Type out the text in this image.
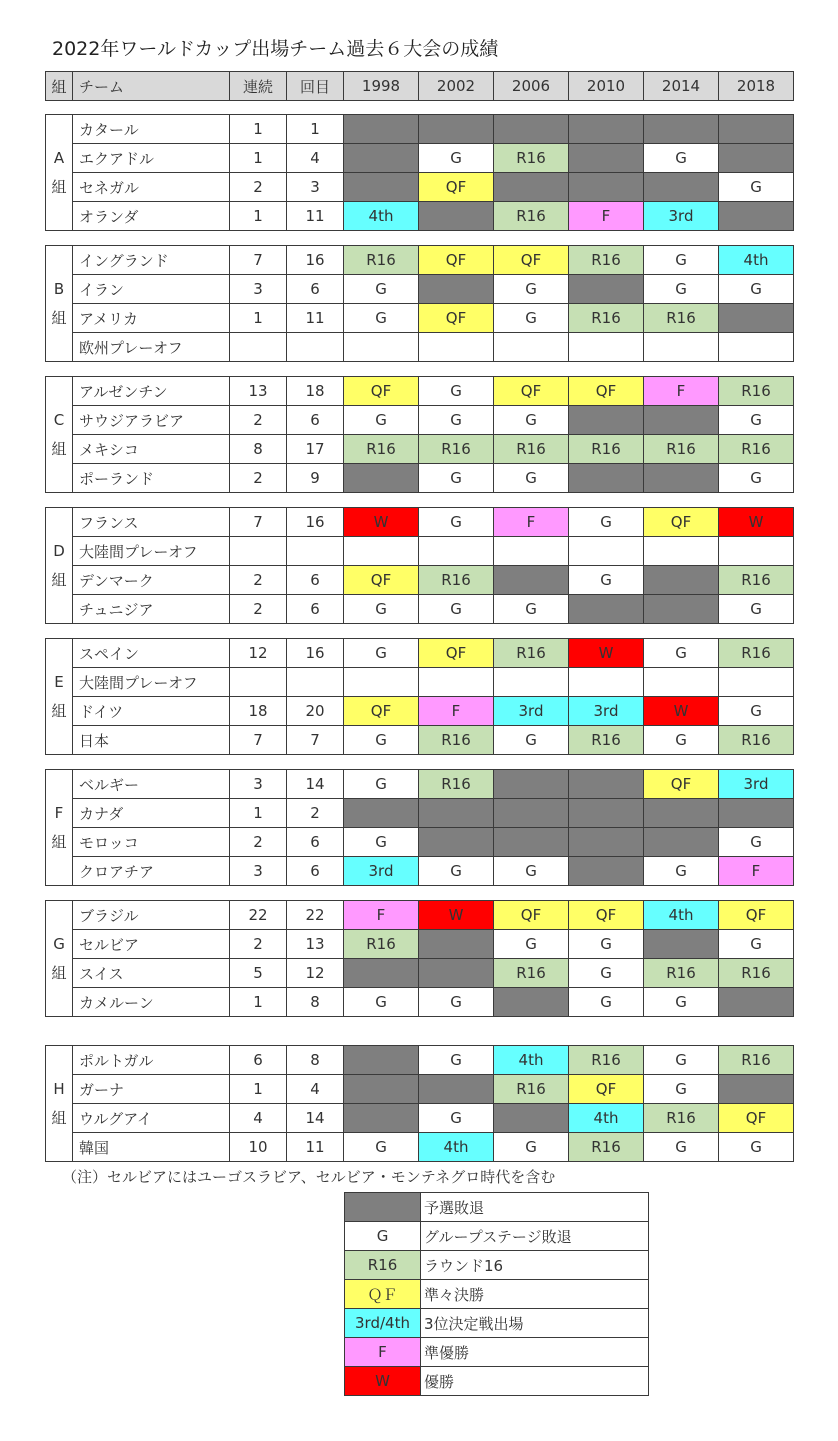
2022年ワールドカップ出場チーム過去６大会の成績
組	チーム	連続	回目	1998	2002	2006	2010	2014	2018
A
組	カタール	1	1						
	エクアドル	1	4		G	R16		G	
	セネガル	2	3		QF				G
	オランダ	1	11	4th		R16	F	3rd	
B
組	イングランド	7	16	R16	QF	QF	R16	G	4th
	イラン	3	6	G		G		G	G
	アメリカ	1	11	G	QF	G	R16	R16	
	欧州プレーオフ								
C
組	アルゼンチン	13	18	QF	G	QF	QF	F	R16
	サウジアラビア	2	6	G	G	G			G
	メキシコ	8	17	R16	R16	R16	R16	R16	R16
	ポーランド	2	9		G	G			G
D
組	フランス	7	16	W	G	F	G	QF	W
	大陸間プレーオフ								
	デンマーク	2	6	QF	R16		G		R16
	チュニジア	2	6	G	G	G			G
E
組	スペイン	12	16	G	QF	R16	W	G	R16
	大陸間プレーオフ								
	ドイツ	18	20	QF	F	3rd	3rd	W	G
	日本	7	7	G	R16	G	R16	G	R16
F
組	ベルギー	3	14	G	R16			QF	3rd
	カナダ	1	2						
	モロッコ	2	6	G					G
	クロアチア	3	6	3rd	G	G		G	F
G
組	ブラジル	22	22	F	W	QF	QF	4th	QF
	セルビア	2	13	R16		G	G		G
	スイス	5	12			R16	G	R16	R16
	カメルーン	1	8	G	G		G	G	
H
組	ポルトガル	6	8		G	4th	R16	G	R16
	ガーナ	1	4			R16	QF	G	
	ウルグアイ	4	14		G		4th	R16	QF
	韓国	10	11	G	4th	G	R16	G	G
（注）セルビアにはユーゴスラビア、セルビア・モンテネグロ時代を含む
	予選敗退
G	グループステージ敗退
R16	ラウンド16
ＱＦ	準々決勝
3rd/4th	3位決定戦出場
F	準優勝
W	優勝
